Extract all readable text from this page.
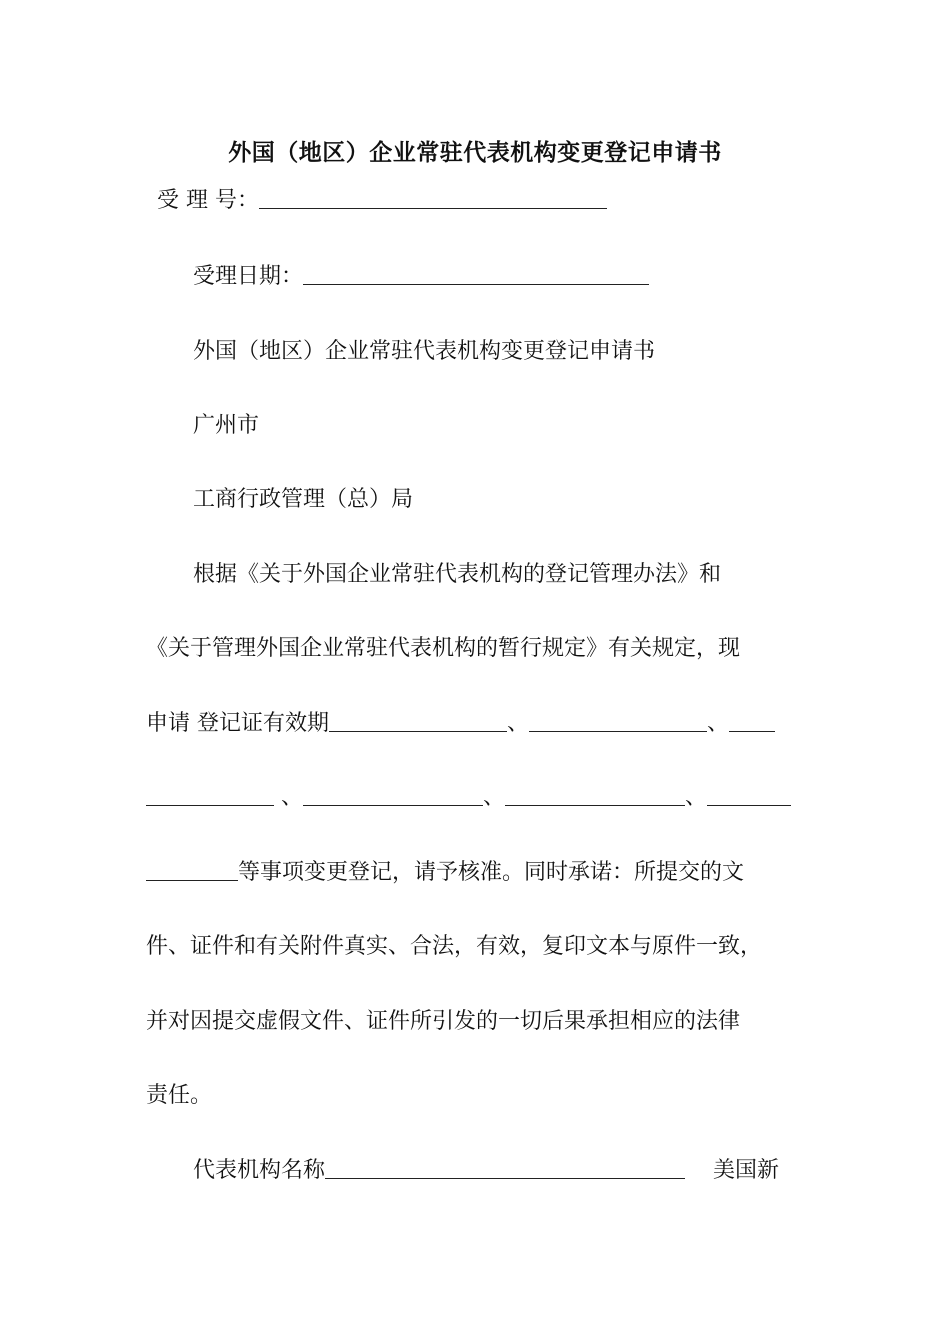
外国（地区）企业常驻代表机构变更登记申请书
受 理 号：
受理日期：
外国（地区）企业常驻代表机构变更登记申请书
广州市
工商行政管理（总）局
根据《关于外国企业常驻代表机构的登记管理办法》和
《关于管理外国企业常驻代表机构的暂行规定》有关规定，现
申请 登记证有效期	、	、
、	、	、
等事项变更登记，请予核准。同时承诺：所提交的文
件、证件和有关附件真实、合法，有效，复印文本与原件一致，
并对因提交虚假文件、证件所引发的一切后果承担相应的法律
责任。
代表机构名称	美国新
